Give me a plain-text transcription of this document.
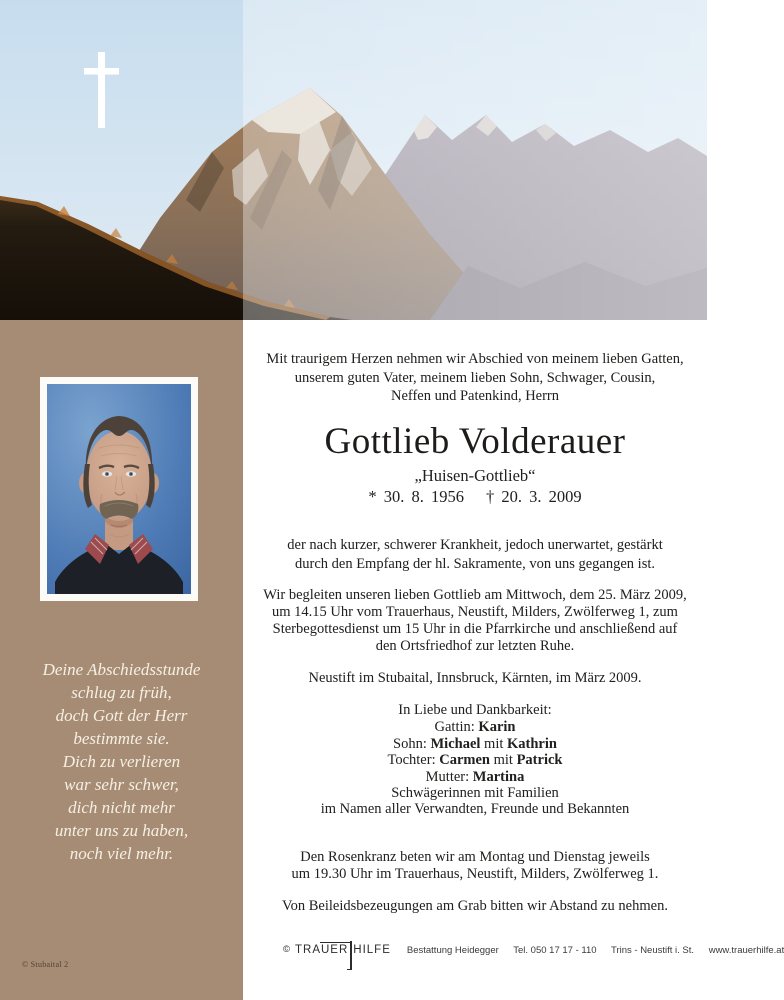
Deine Abschiedsstunde
schlug zu früh,
doch Gott der Herr
bestimmte sie.
Dich zu verlieren
war sehr schwer,
dich nicht mehr
unter uns zu haben,
noch viel mehr.
© Stubaital 2
Mit traurigem Herzen nehmen wir Abschied von meinem lieben Gatten,
unserem guten Vater, meinem lieben Sohn, Schwager, Cousin,
Neffen und Patenkind, Herrn
Gottlieb Volderauer
„Huisen-Gottlieb“
* 30. 8. 1956 † 20. 3. 2009
der nach kurzer, schwerer Krankheit, jedoch unerwartet, gestärkt
durch den Empfang der hl. Sakramente, von uns gegangen ist.
Wir begleiten unseren lieben Gottlieb am Mittwoch, dem 25. März 2009,
um 14.15 Uhr vom Trauerhaus, Neustift, Milders, Zwölferweg 1, zum
Sterbegottesdienst um 15 Uhr in die Pfarrkirche und anschließend auf
den Ortsfriedhof zur letzten Ruhe.
Neustift im Stubaital, Innsbruck, Kärnten, im März 2009.
In Liebe und Dankbarkeit:
Gattin: Karin
Sohn: Michael mit Kathrin
Tochter: Carmen mit Patrick
Mutter: Martina
Schwägerinnen mit Familien
im Namen aller Verwandten, Freunde und Bekannten
Den Rosenkranz beten wir am Montag und Dienstag jeweils
um 19.30 Uhr im Trauerhaus, Neustift, Milders, Zwölferweg 1.
Von Beileidsbezeugungen am Grab bitten wir Abstand zu nehmen.
© TRAUER HILFE Bestattung Heidegger Tel. 050 17 17 - 110 Trins - Neustift i. St. www.trauerhilfe.at
